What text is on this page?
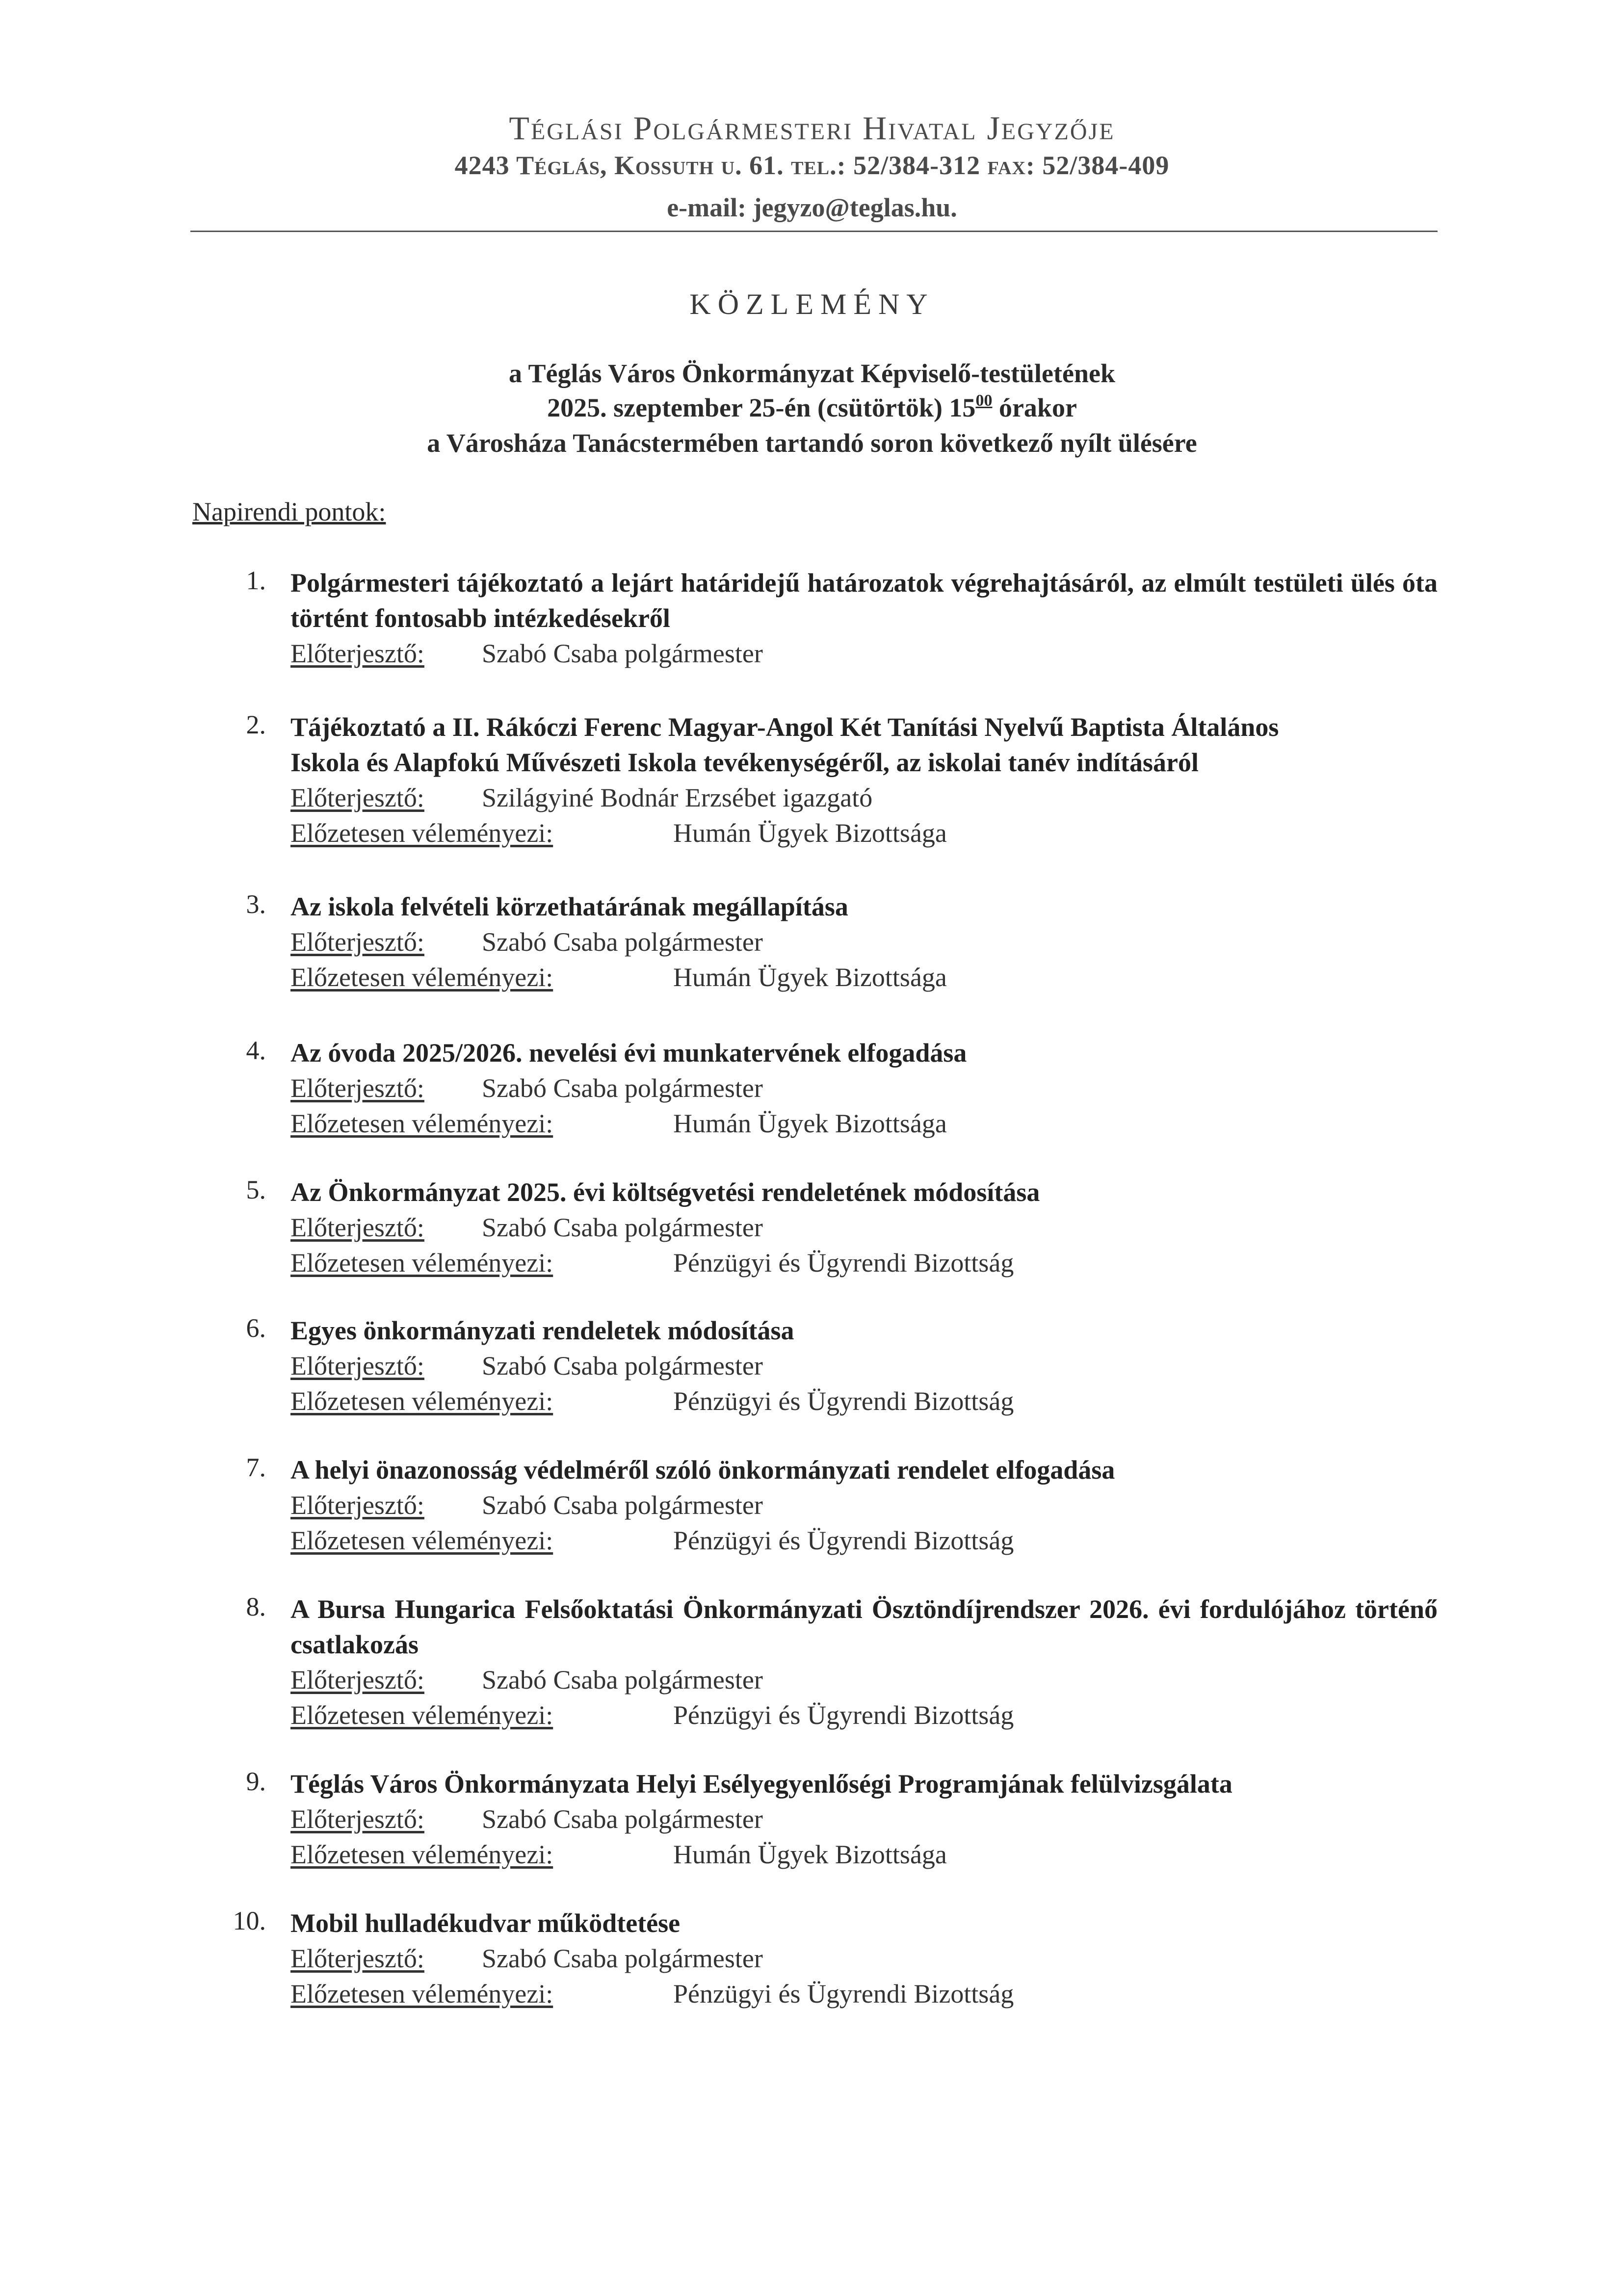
Téglási Polgármesteri Hivatal Jegyzője
4243 Téglás, Kossuth u. 61. tel.: 52/384-312 fax: 52/384-409
e-mail: jegyzo@teglas.hu.
KÖZLEMÉNY
a Téglás Város Önkormányzat Képviselő-testületének
2025. szeptember 25-én (csütörtök) $15^{00}$ órakor
a Városháza Tanácstermében tartandó soron következő nyílt ülésére
Napirendi pontok:
1. Polgármesteri tájékoztató a lejárt határidejű határozatok végrehajtásáról, az elmúlt testületi ülés óta történt fontosabb intézkedésekről
Előterjesztő: Szabó Csaba polgármester
2. Tájékoztató a II. Rákóczi Ferenc Magyar-Angol Két Tanítási Nyelvű Baptista Általános
Iskola és Alapfokú Művészeti Iskola tevékenységéről, az iskolai tanév indításáról
Előterjesztő: Szilágyiné Bodnár Erzsébet igazgató
Előzetesen véleményezi:	Humán Ügyek Bizottsága
3. Az iskola felvételi körzethatárának megállapítása
Előterjesztő: Szabó Csaba polgármester
Előzetesen véleményezi:	Humán Ügyek Bizottsága
4. Az óvoda 2025/2026. nevelési évi munkatervének elfogadása
Előterjesztő: Szabó Csaba polgármester
Előzetesen véleményezi:	Humán Ügyek Bizottsága
5. Az Önkormányzat 2025. évi költségvetési rendeletének módosítása
Előterjesztő: Szabó Csaba polgármester
Előzetesen véleményezi:	Pénzügyi és Ügyrendi Bizottság
6. Egyes önkormányzati rendeletek módosítása
Előterjesztő: Szabó Csaba polgármester
Előzetesen véleményezi:	Pénzügyi és Ügyrendi Bizottság
7. A helyi önazonosság védelméről szóló önkormányzati rendelet elfogadása
Előterjesztő: Szabó Csaba polgármester
Előzetesen véleményezi:	Pénzügyi és Ügyrendi Bizottság
8. A Bursa Hungarica Felsőoktatási Önkormányzati Ösztöndíjrendszer 2026. évi fordulójához történő csatlakozás
Előterjesztő: Szabó Csaba polgármester
Előzetesen véleményezi:	Pénzügyi és Ügyrendi Bizottság
9. Téglás Város Önkormányzata Helyi Esélyegyenlőségi Programjának felülvizsgálata
Előterjesztő: Szabó Csaba polgármester
Előzetesen véleményezi:	Humán Ügyek Bizottsága
10. Mobil hulladékudvar működtetése
Előterjesztő: Szabó Csaba polgármester
Előzetesen véleményezi:	Pénzügyi és Ügyrendi Bizottság
